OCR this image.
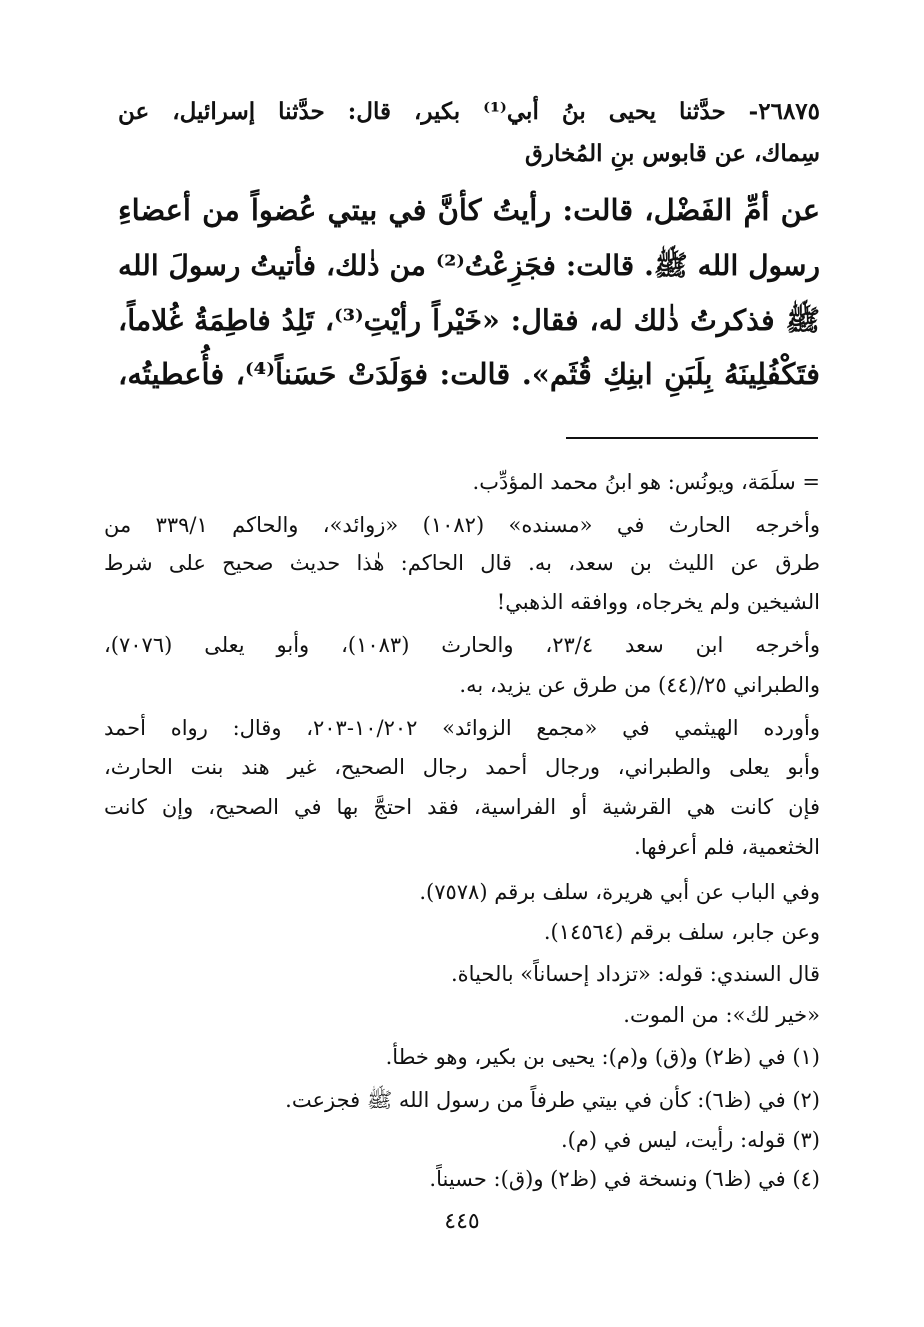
٢٦٨٧٥- حدَّثنا يحيى بنُ أبي⁽¹⁾ بكير، قال: حدَّثنا إسرائيل، عن
سِماك، عن قابوس بنِ المُخارق
عن أمِّ الفَضْل، قالت: رأيتُ كأنَّ في بيتي عُضواً من أعضاءِ
رسول الله ﷺ. قالت: فجَزِعْتُ⁽²⁾ من ذٰلك، فأتيتُ رسولَ الله
ﷺ فذكرتُ ذٰلك له، فقال: «خَيْراً رأيْتِ⁽³⁾، تَلِدُ فاطِمَةُ غُلاماً،
فتَكْفُلِينَهُ بِلَبَنِ ابنِكِ قُثَم». قالت: فوَلَدَتْ حَسَناً⁽⁴⁾، فأُعطيتُه،
= سلَمَة، ويونُس: هو ابنُ محمد المؤدِّب.
وأخرجه الحارث في «مسنده» (١٠٨٢) «زوائد»، والحاكم ٣٣٩/١ من
طرق عن الليث بن سعد، به. قال الحاكم: هٰذا حديث صحيح على شرط
الشيخين ولم يخرجاه، ووافقه الذهبي!
وأخرجه ابن سعد ٢٣/٤، والحارث (١٠٨٣)، وأبو يعلى (٧٠٧٦)،
والطبراني ٢٥/(٤٤) من طرق عن يزيد، به.
وأورده الهيثمي في «مجمع الزوائد» ١٠/٢٠٢-٢٠٣، وقال: رواه أحمد
وأبو يعلى والطبراني، ورجال أحمد رجال الصحيح، غير هند بنت الحارث،
فإن كانت هي القرشية أو الفراسية، فقد احتجَّ بها في الصحيح، وإن كانت
الخثعمية، فلم أعرفها.
وفي الباب عن أبي هريرة، سلف برقم (٧٥٧٨).
وعن جابر، سلف برقم (١٤٥٦٤).
قال السندي: قوله: «تزداد إحساناً» بالحياة.
«خير لك»: من الموت.
(١) في (ظ٢) و(ق) و(م): يحيى بن بكير، وهو خطأ.
(٢) في (ظ٦): كأن في بيتي طرفاً من رسول الله ﷺ فجزعت.
(٣) قوله: رأيت، ليس في (م).
(٤) في (ظ٦) ونسخة في (ظ٢) و(ق): حسيناً.
٤٤٥
